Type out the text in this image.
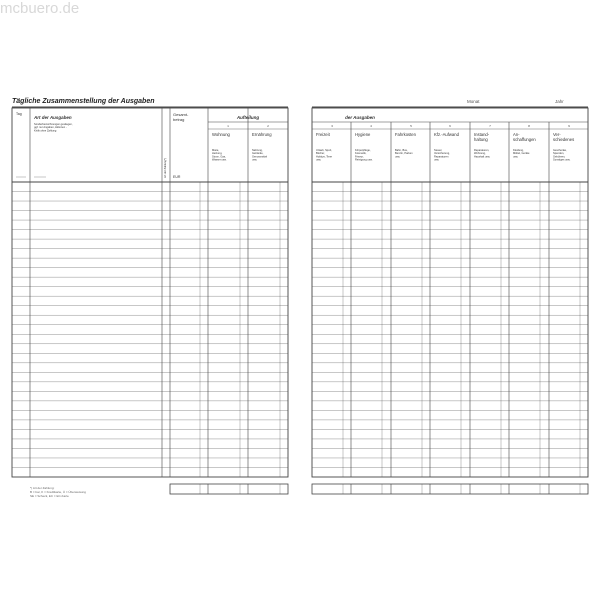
mcbuero.de
Tägliche Zusammenstellung der Ausgaben	Monat	Jahr
Tag
Art der Ausgaben
Sonderbezeichnungen gestiegen,
ggf. nur Angaben, Aktionen -
Kritik ohne Zahlung
Art der Zahlung*)
Gesamt-
betrag
EUR
Aufteilung
1
Wohnung
Miete,
Heizung,
Strom, Gas,
Wasser usw.
2
Ernährung
Nahrung,
Getränke,
Genussmittel
usw.
der Ausgaben
3
Freizeit
Urlaub, Sport,
Bücher,
Hobbys, Tiere
usw.
4
Hygiene
Körperpflege,
Kosmetik,
Friseur,
Reinigung usw.
5
Fahrkosten
Bahn, Bus,
Benzin, Parken
usw.
6
Kfz.-Aufwand
Steuer,
Versicherung,
Reparaturen
usw.
7
Instand-
haltung
Reparaturen,
Wohnung,
Haushalt usw.
8
An-
schaffungen
Kleidung,
Möbel, Geräte
usw.
9
Ver-
schiedenes
Geschenke,
Spenden,
Gebühren,
Sonstiges usw.
*) Art der Zahlung:
B = bar, K = Kreditkarte, Ü = Überweisung
SE = Scheck, EC = EC-Karte
